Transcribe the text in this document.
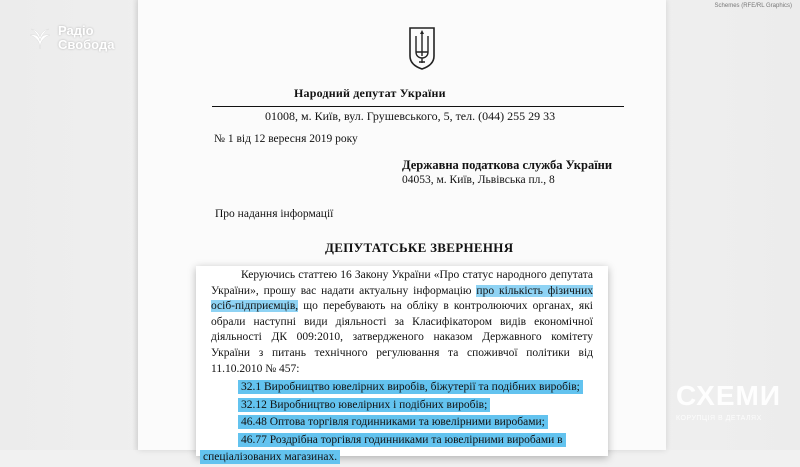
Радіо
Свобода
Schemes (RFE/RL Graphics)
Народний депутат України
01008, м. Київ, вул. Грушевського, 5, тел. (044) 255 29 33
№ 1 від 12 вересня 2019 року
Державна податкова служба України
04053, м. Київ, Львівська пл., 8
Про надання інформації
ДЕПУТАТСЬКЕ ЗВЕРНЕННЯ

Керуючись статтею 16 Закону України «Про статус народного депутата України», прошу вас надати актуальну інформацію про кількість фізичних осіб-підприємців, що перебувають на обліку в контролюючих органах, які обрали наступні види діяльності за Класифікатором видів економічної діяльності ДК 009:2010, затвердженого наказом Державного комітету України з питань технічного регулювання та споживчої політики від 11.10.2010 № 457:

32.1 Виробництво ювелірних виробів, біжутерії та подібних виробів;
32.12 Виробництво ювелірних і подібних виробів;
46.48 Оптова торгівля годинниками та ювелірними виробами;
46.77 Роздрібна торгівля годинниками та ювелірними виробами в
спеціалізованих магазинах.
СХЕМИ
КОРУПЦІЯ В ДЕТАЛЯХ
